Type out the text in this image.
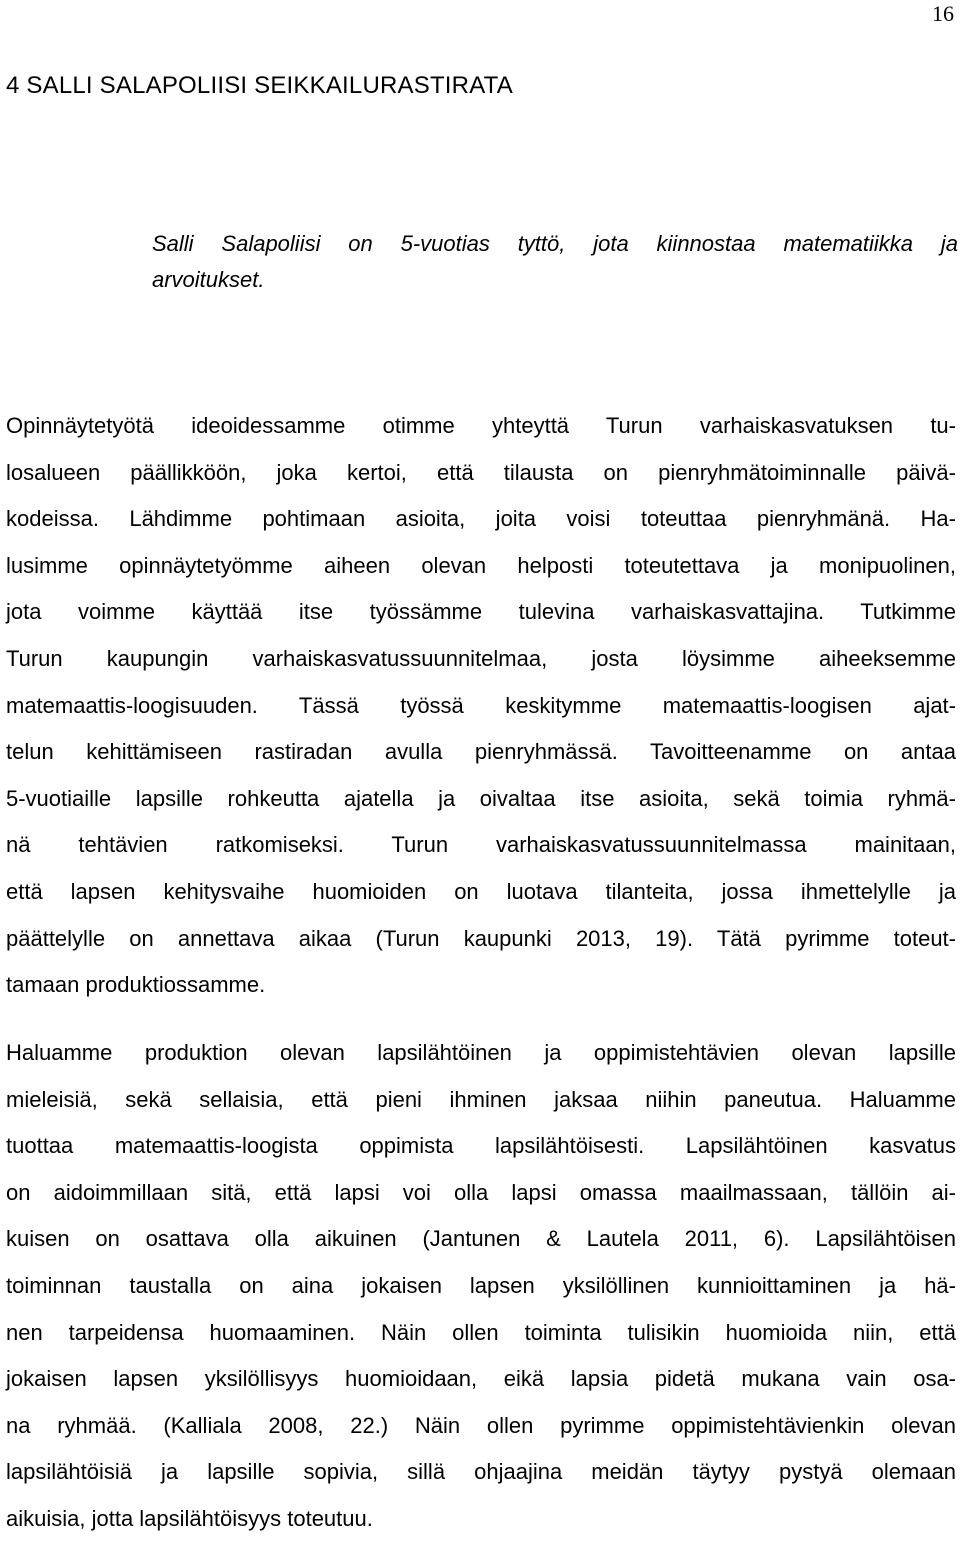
16
4 SALLI SALAPOLIISI SEIKKAILURASTIRATA

Salli Salapoliisi on 5-vuotias tyttö, jota kiinnostaa matematiikka ja
arvoitukset.

Opinnäytetyötä ideoidessamme otimme yhteyttä Turun varhaiskasvatuksen tu-
losalueen päällikköön, joka kertoi, että tilausta on pienryhmätoiminnalle päivä-
kodeissa. Lähdimme pohtimaan asioita, joita voisi toteuttaa pienryhmänä. Ha-
lusimme opinnäytetyömme aiheen olevan helposti toteutettava ja monipuolinen,
jota voimme käyttää itse työssämme tulevina varhaiskasvattajina. Tutkimme
Turun kaupungin varhaiskasvatussuunnitelmaa, josta löysimme aiheeksemme
matemaattis-loogisuuden. Tässä työssä keskitymme matemaattis-loogisen ajat-
telun kehittämiseen rastiradan avulla pienryhmässä. Tavoitteenamme on antaa
5-vuotiaille lapsille rohkeutta ajatella ja oivaltaa itse asioita, sekä toimia ryhmä-
nä tehtävien ratkomiseksi. Turun varhaiskasvatussuunnitelmassa mainitaan,
että lapsen kehitysvaihe huomioiden on luotava tilanteita, jossa ihmettelylle ja
päättelylle on annettava aikaa (Turun kaupunki 2013, 19). Tätä pyrimme toteut-
tamaan produktiossamme.

Haluamme produktion olevan lapsilähtöinen ja oppimistehtävien olevan lapsille
mieleisiä, sekä sellaisia, että pieni ihminen jaksaa niihin paneutua. Haluamme
tuottaa matemaattis-loogista oppimista lapsilähtöisesti. Lapsilähtöinen kasvatus
on aidoimmillaan sitä, että lapsi voi olla lapsi omassa maailmassaan, tällöin ai-
kuisen on osattava olla aikuinen (Jantunen & Lautela 2011, 6). Lapsilähtöisen
toiminnan taustalla on aina jokaisen lapsen yksilöllinen kunnioittaminen ja hä-
nen tarpeidensa huomaaminen. Näin ollen toiminta tulisikin huomioida niin, että
jokaisen lapsen yksilöllisyys huomioidaan, eikä lapsia pidetä mukana vain osa-
na ryhmää. (Kalliala 2008, 22.) Näin ollen pyrimme oppimistehtävienkin olevan
lapsilähtöisiä ja lapsille sopivia, sillä ohjaajina meidän täytyy pystyä olemaan
aikuisia, jotta lapsilähtöisyys toteutuu.
